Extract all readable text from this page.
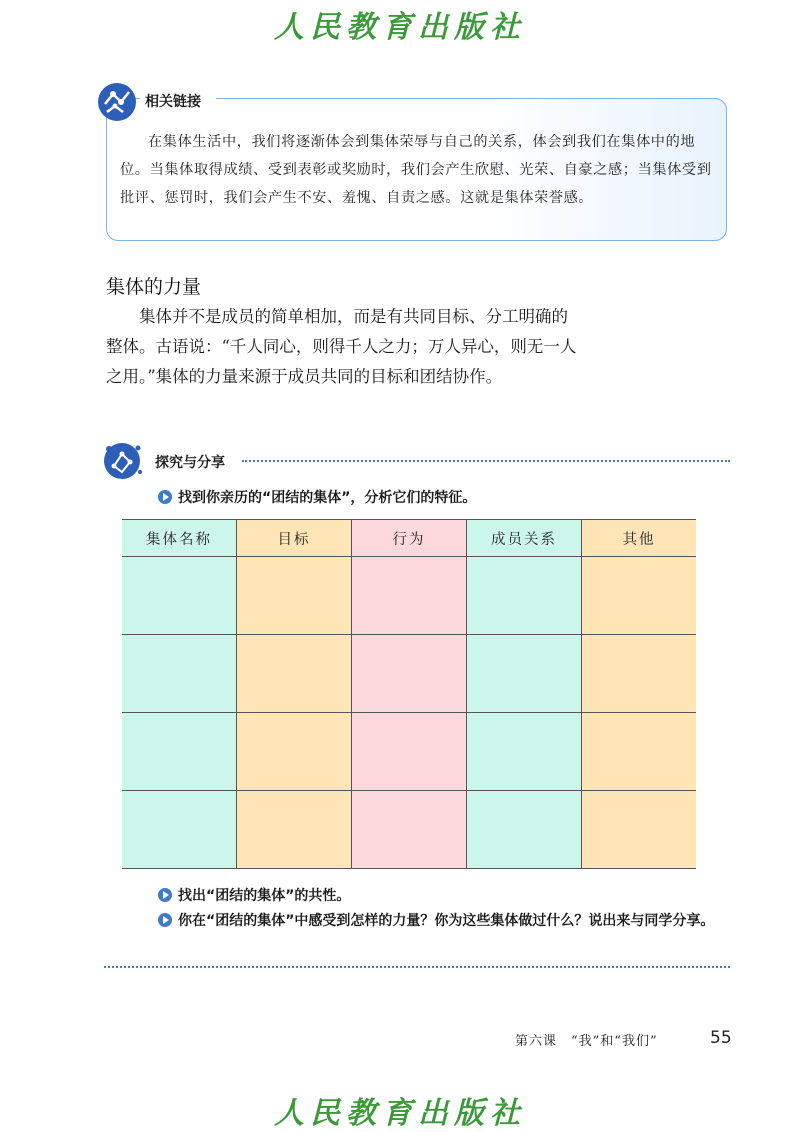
人民教育出版社
相关链接
在集体生活中，我们将逐渐体会到集体荣辱与自己的关系，体会到我们在集体中的地位。当集体取得成绩、受到表彰或奖励时，我们会产生欣慰、光荣、自豪之感；当集体受到批评、惩罚时，我们会产生不安、羞愧、自责之感。这就是集体荣誉感。
集体的力量
集体并不是成员的简单相加，而是有共同目标、分工明确的整体。古语说：“千人同心，则得千人之力；万人异心，则无一人之用。”集体的力量来源于成员共同的目标和团结协作。
探究与分享
找到你亲历的“团结的集体”，分析它们的特征。
集体名称	目标	行为	成员关系	其他

找出“团结的集体”的共性。
你在“团结的集体”中感受到怎样的力量？你为这些集体做过什么？说出来与同学分享。
第六课　“我”和“我们”	55
人民教育出版社
